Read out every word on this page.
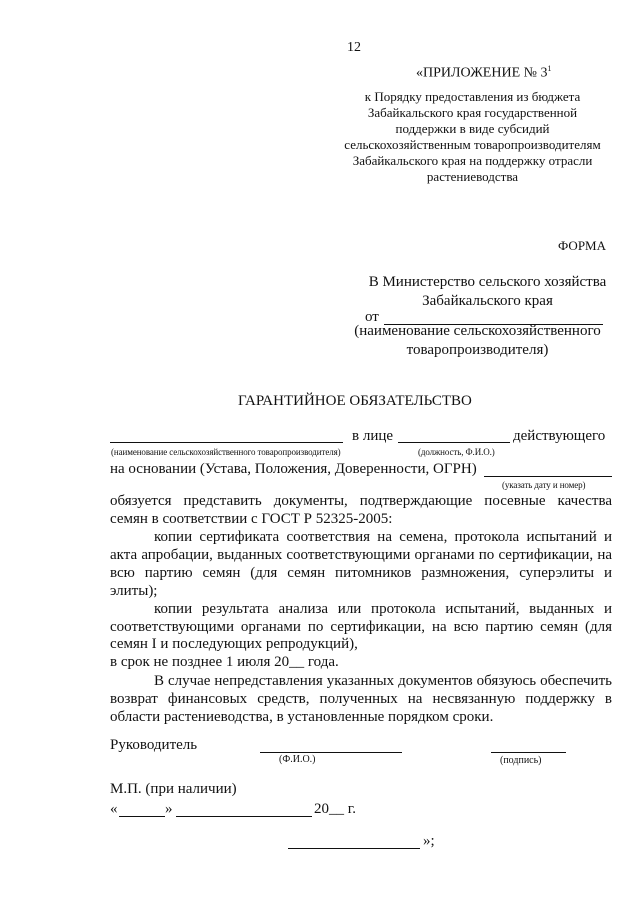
12
«ПРИЛОЖЕНИЕ № $3^1$
к Порядку предоставления из бюджета
Забайкальского края государственной
поддержки в виде субсидий
сельскохозяйственным товаропроизводителям
Забайкальского края на поддержку отрасли
растениеводства
ФОРМА
В Министерство сельского хозяйства
Забайкальского края
от
(наименование сельскохозяйственного
товаропроизводителя)
ГАРАНТИЙНОЕ ОБЯЗАТЕЛЬСТВО
в лице	действующего
(наименование сельскохозяйственного товаропроизводителя)	(должность, Ф.И.О.)
на основании (Устава, Положения, Доверенности, ОГРН)
(указать дату и номер)
обязуется представить документы, подтверждающие посевные качества
семян в соответствии с ГОСТ Р 52325-2005:
копии сертификата соответствия на семена, протокола испытаний и
акта апробации, выданных соответствующими органами по сертификации, на
всю партию семян (для семян питомников размножения, суперэлиты и
элиты);
копии результата анализа или протокола испытаний, выданных и
соответствующими органами по сертификации, на всю партию семян (для
семян I и последующих репродукций),
в срок не позднее 1 июля 20__ года.
В случае непредставления указанных документов обязуюсь обеспечить
возврат финансовых средств, полученных на несвязанную поддержку в
области растениеводства, в установленные порядком сроки.
Руководитель
(Ф.И.О.)	(подпись)
М.П. (при наличии)
«	»	20__ г.
»;
